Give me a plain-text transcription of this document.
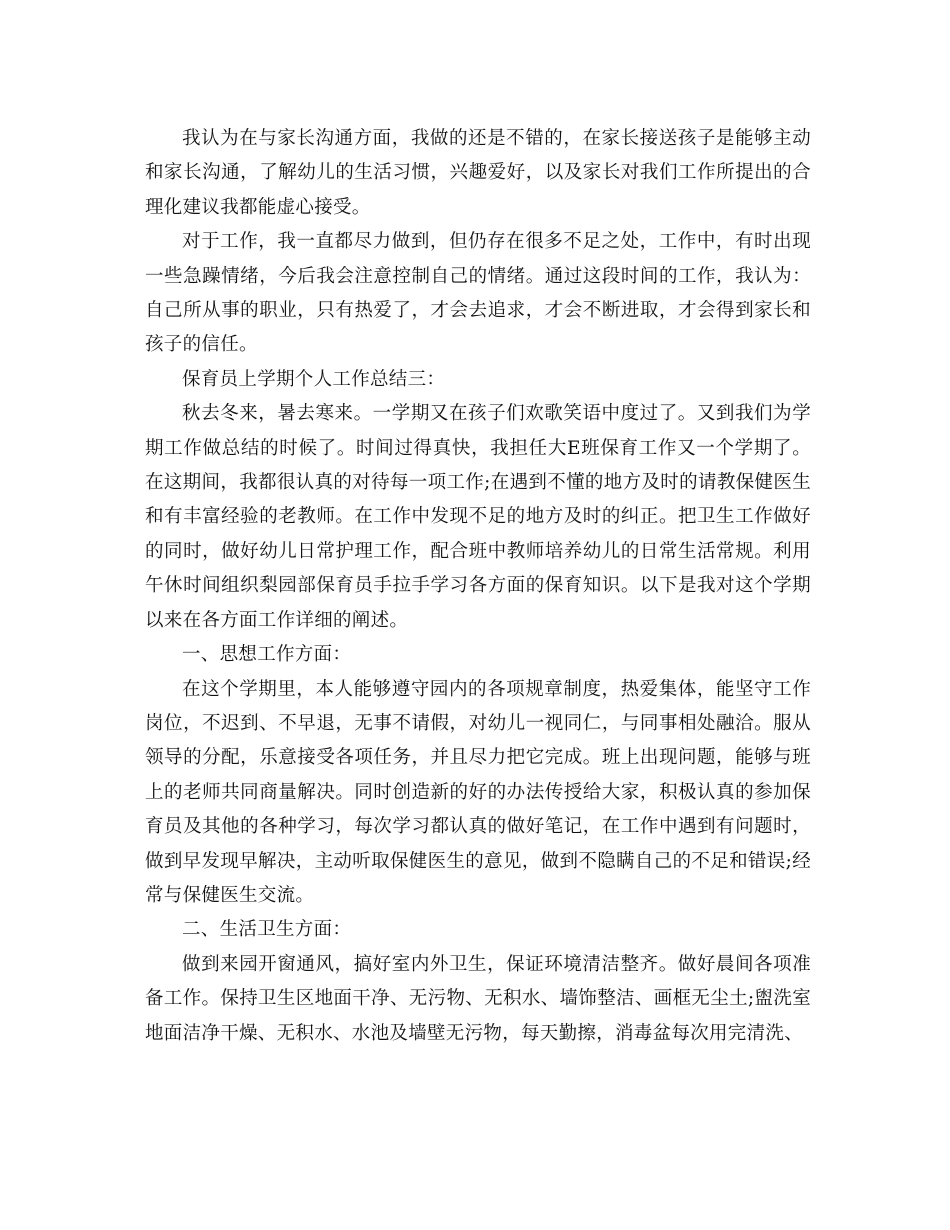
我认为在与家长沟通方面，我做的还是不错的，在家长接送孩子是能够主动和家长沟通，了解幼儿的生活习惯，兴趣爱好，以及家长对我们工作所提出的合理化建议我都能虚心接受。

对于工作，我一直都尽力做到，但仍存在很多不足之处，工作中，有时出现一些急躁情绪，今后我会注意控制自己的情绪。通过这段时间的工作，我认为：自己所从事的职业，只有热爱了，才会去追求，才会不断进取，才会得到家长和孩子的信任。

保育员上学期个人工作总结三：

秋去冬来，暑去寒来。一学期又在孩子们欢歌笑语中度过了。又到我们为学期工作做总结的时候了。时间过得真快，我担任大E班保育工作又一个学期了。在这期间，我都很认真的对待每一项工作;在遇到不懂的地方及时的请教保健医生和有丰富经验的老教师。在工作中发现不足的地方及时的纠正。把卫生工作做好的同时，做好幼儿日常护理工作，配合班中教师培养幼儿的日常生活常规。利用午休时间组织梨园部保育员手拉手学习各方面的保育知识。以下是我对这个学期以来在各方面工作详细的阐述。

一、思想工作方面：

在这个学期里，本人能够遵守园内的各项规章制度，热爱集体，能坚守工作岗位，不迟到、不早退，无事不请假，对幼儿一视同仁，与同事相处融洽。服从领导的分配，乐意接受各项任务，并且尽力把它完成。班上出现问题，能够与班上的老师共同商量解决。同时创造新的好的办法传授给大家，积极认真的参加保育员及其他的各种学习，每次学习都认真的做好笔记，在工作中遇到有问题时，做到早发现早解决，主动听取保健医生的意见，做到不隐瞒自己的不足和错误;经常与保健医生交流。

二、生活卫生方面：

做到来园开窗通风，搞好室内外卫生，保证环境清洁整齐。做好晨间各项准备工作。保持卫生区地面干净、无污物、无积水、墙饰整洁、画框无尘土;盥洗室地面洁净干燥、无积水、水池及墙壁无污物，每天勤擦，消毒盆每次用完清洗、
